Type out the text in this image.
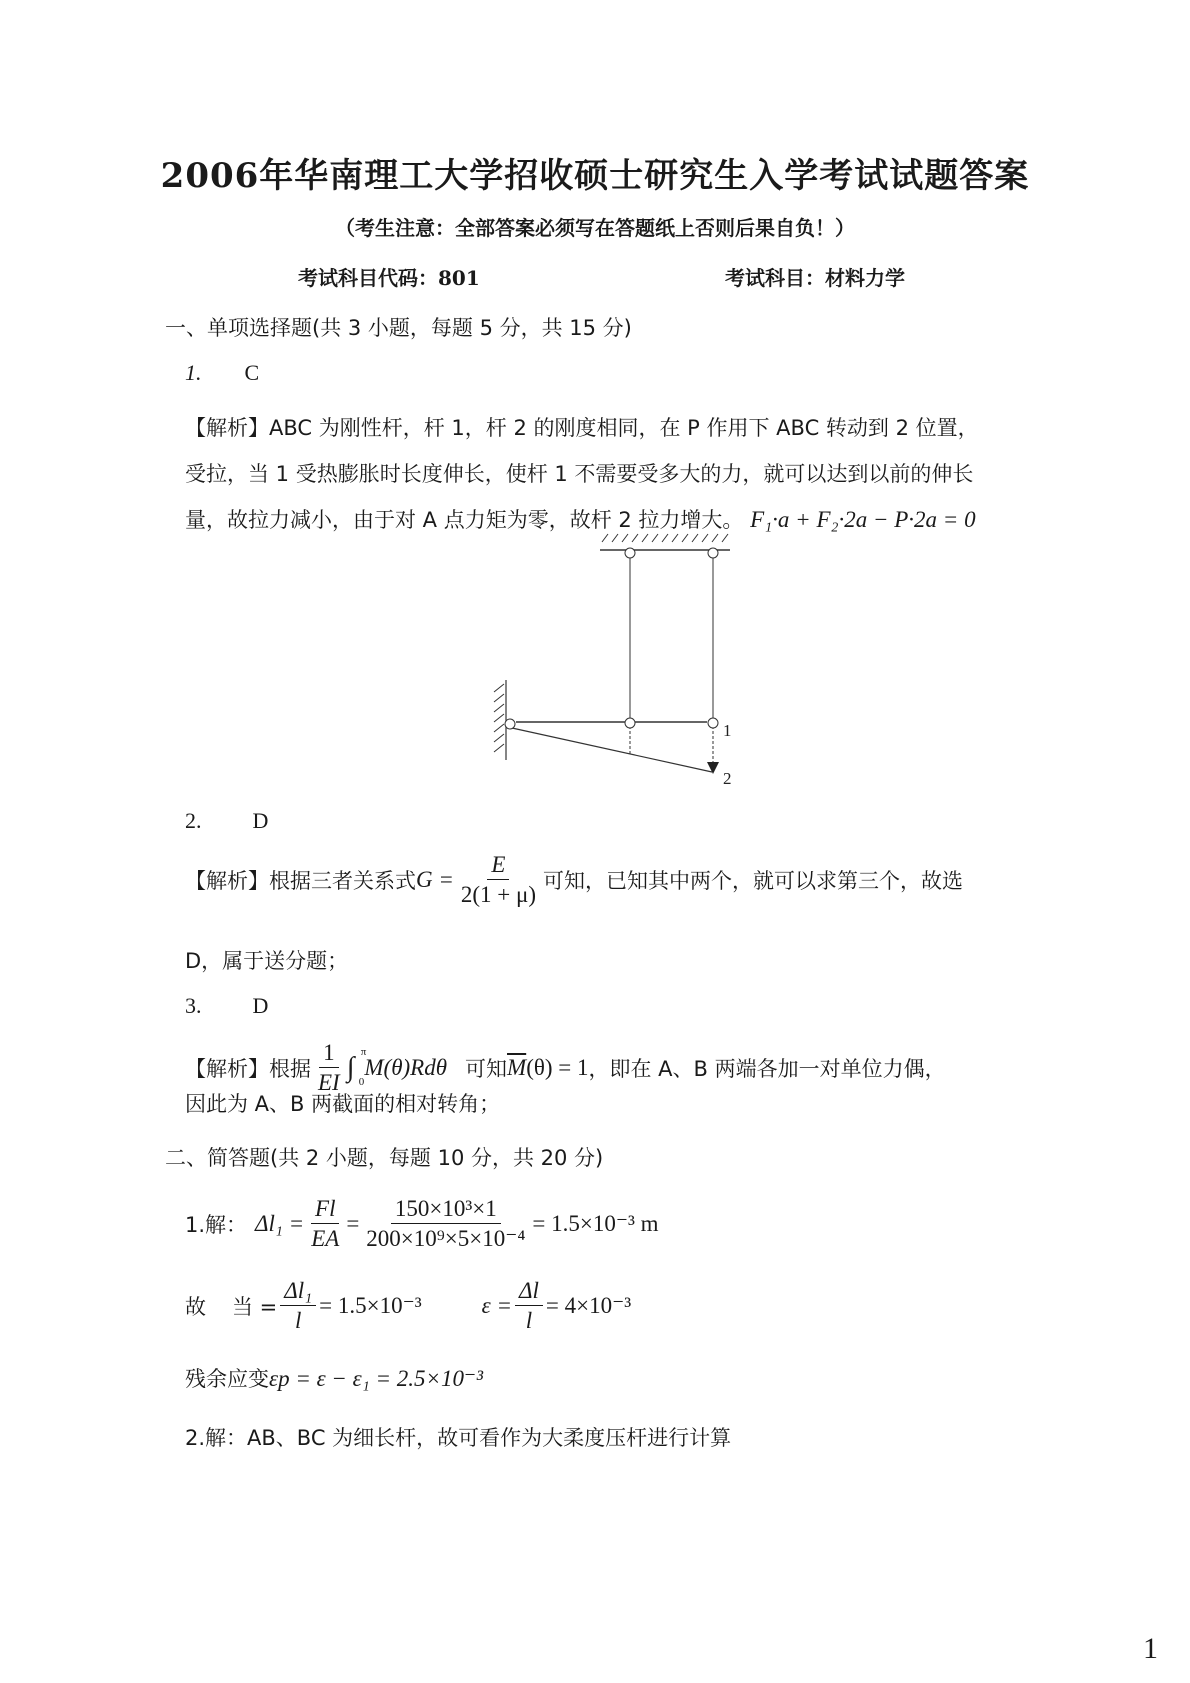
2006年华南理工大学招收硕士研究生入学考试试题答案
（考生注意：全部答案必须写在答题纸上否则后果自负！）
考试科目代码：801	考试科目：材料力学
一、单项选择题(共 3 小题，每题 5 分，共 15 分)
1. C
【解析】ABC 为刚性杆，杆 1，杆 2 的刚度相同，在 P 作用下 ABC 转动到 2 位置，
受拉，当 1 受热膨胀时长度伸长，使杆 1 不需要受多大的力，就可以达到以前的伸长
量，故拉力减小，由于对 A 点力矩为零，故杆 2 拉力增大。 F₁·a + F₂·2a − P·2a = 0
1
2
2. D
【解析】 根据三者关系式 $G = \frac{E}{2(1 + \mu)}$ 可知，已知其中两个，就可以求第三个，故选
D，属于送分题；
3. D
【解析】 根据 $\frac{1}{EI}$ ∫ π
0
M(θ)Rdθ 可知 $\overline{M}$ (θ) = 1 ，即在 A、B 两端各加一对单位力偶，
因此为 A、B 两截面的相对转角；
二、简答题(共 2 小题，每题 10 分，共 20 分)
1.解： $\Delta l_1 = \frac{Fl}{EA} = \frac{\text{150×10³×1}}{\text{200×10⁹×5×10⁻⁴}} = 1.5\times 10^{-3}$ m
故 当 = $\frac{\text{Δl₁}}{l} = 1.5\times 10^{-3}$	$\varepsilon = \frac{\Delta l}{l} = 4\times 10^{-3}$
残余应变εp = ε − ε₁ = 2.5×10⁻³
2.解：AB、BC 为细长杆，故可看作为大柔度压杆进行计算
1
